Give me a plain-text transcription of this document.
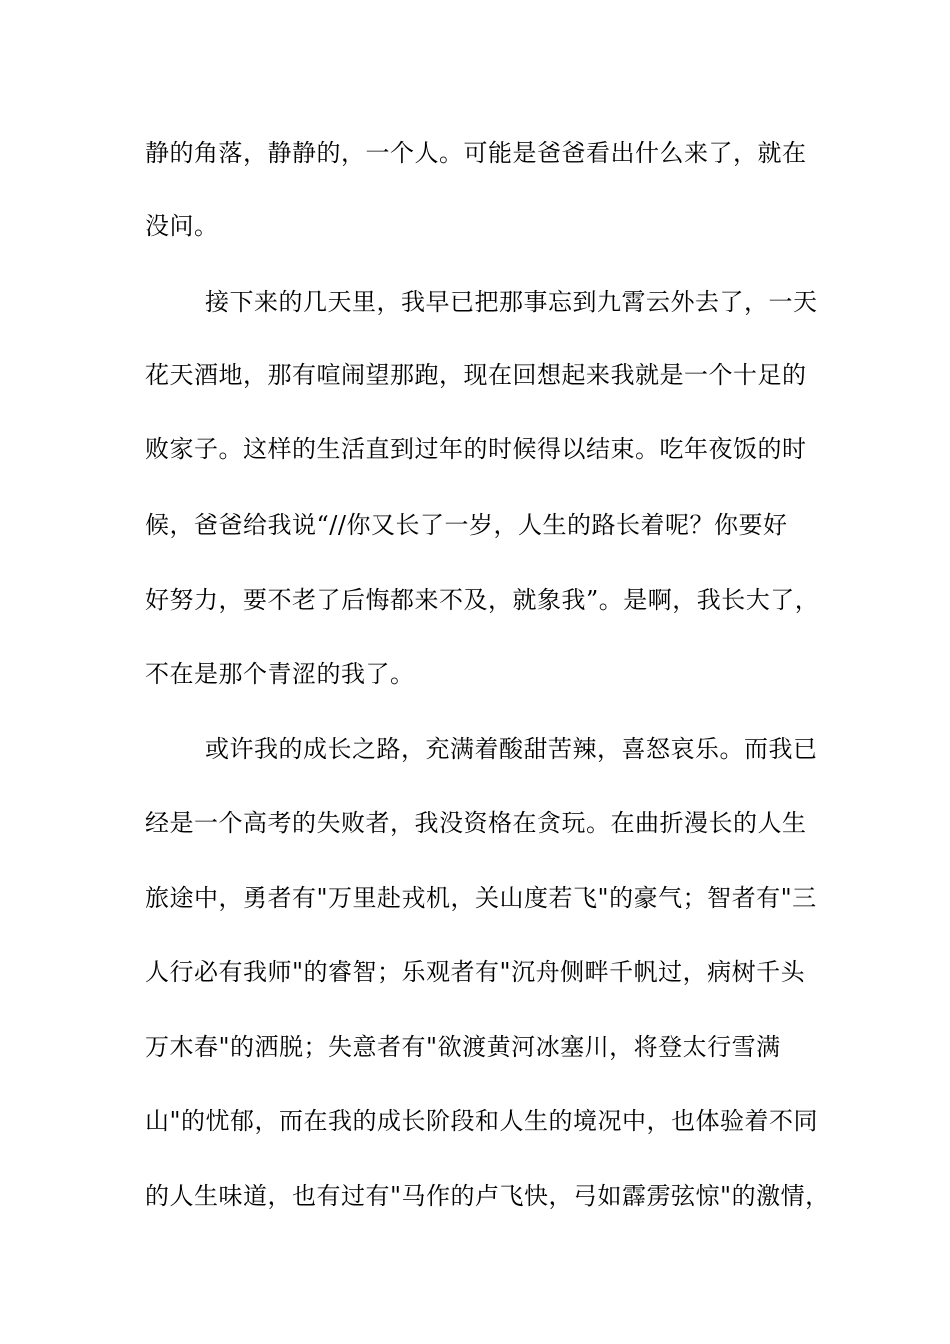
静的角落，静静的，一个人。可能是爸爸看出什么来了，就在
没问。
接下来的几天里，我早已把那事忘到九霄云外去了，一天
花天酒地，那有喧闹望那跑，现在回想起来我就是一个十足的
败家子。这样的生活直到过年的时候得以结束。吃年夜饭的时
候，爸爸给我说“//你又长了一岁，人生的路长着呢？你要好
好努力，要不老了后悔都来不及，就象我”。是啊，我长大了，
不在是那个青涩的我了。
或许我的成长之路，充满着酸甜苦辣，喜怒哀乐。而我已
经是一个高考的失败者，我没资格在贪玩。在曲折漫长的人生
旅途中，勇者有"万里赴戎机，关山度若飞"的豪气；智者有"三
人行必有我师"的睿智；乐观者有"沉舟侧畔千帆过，病树千头
万木春"的洒脱；失意者有"欲渡黄河冰塞川，将登太行雪满
山"的忧郁，而在我的成长阶段和人生的境况中，也体验着不同
的人生味道，也有过有"马作的卢飞快，弓如霹雳弦惊"的激情，
